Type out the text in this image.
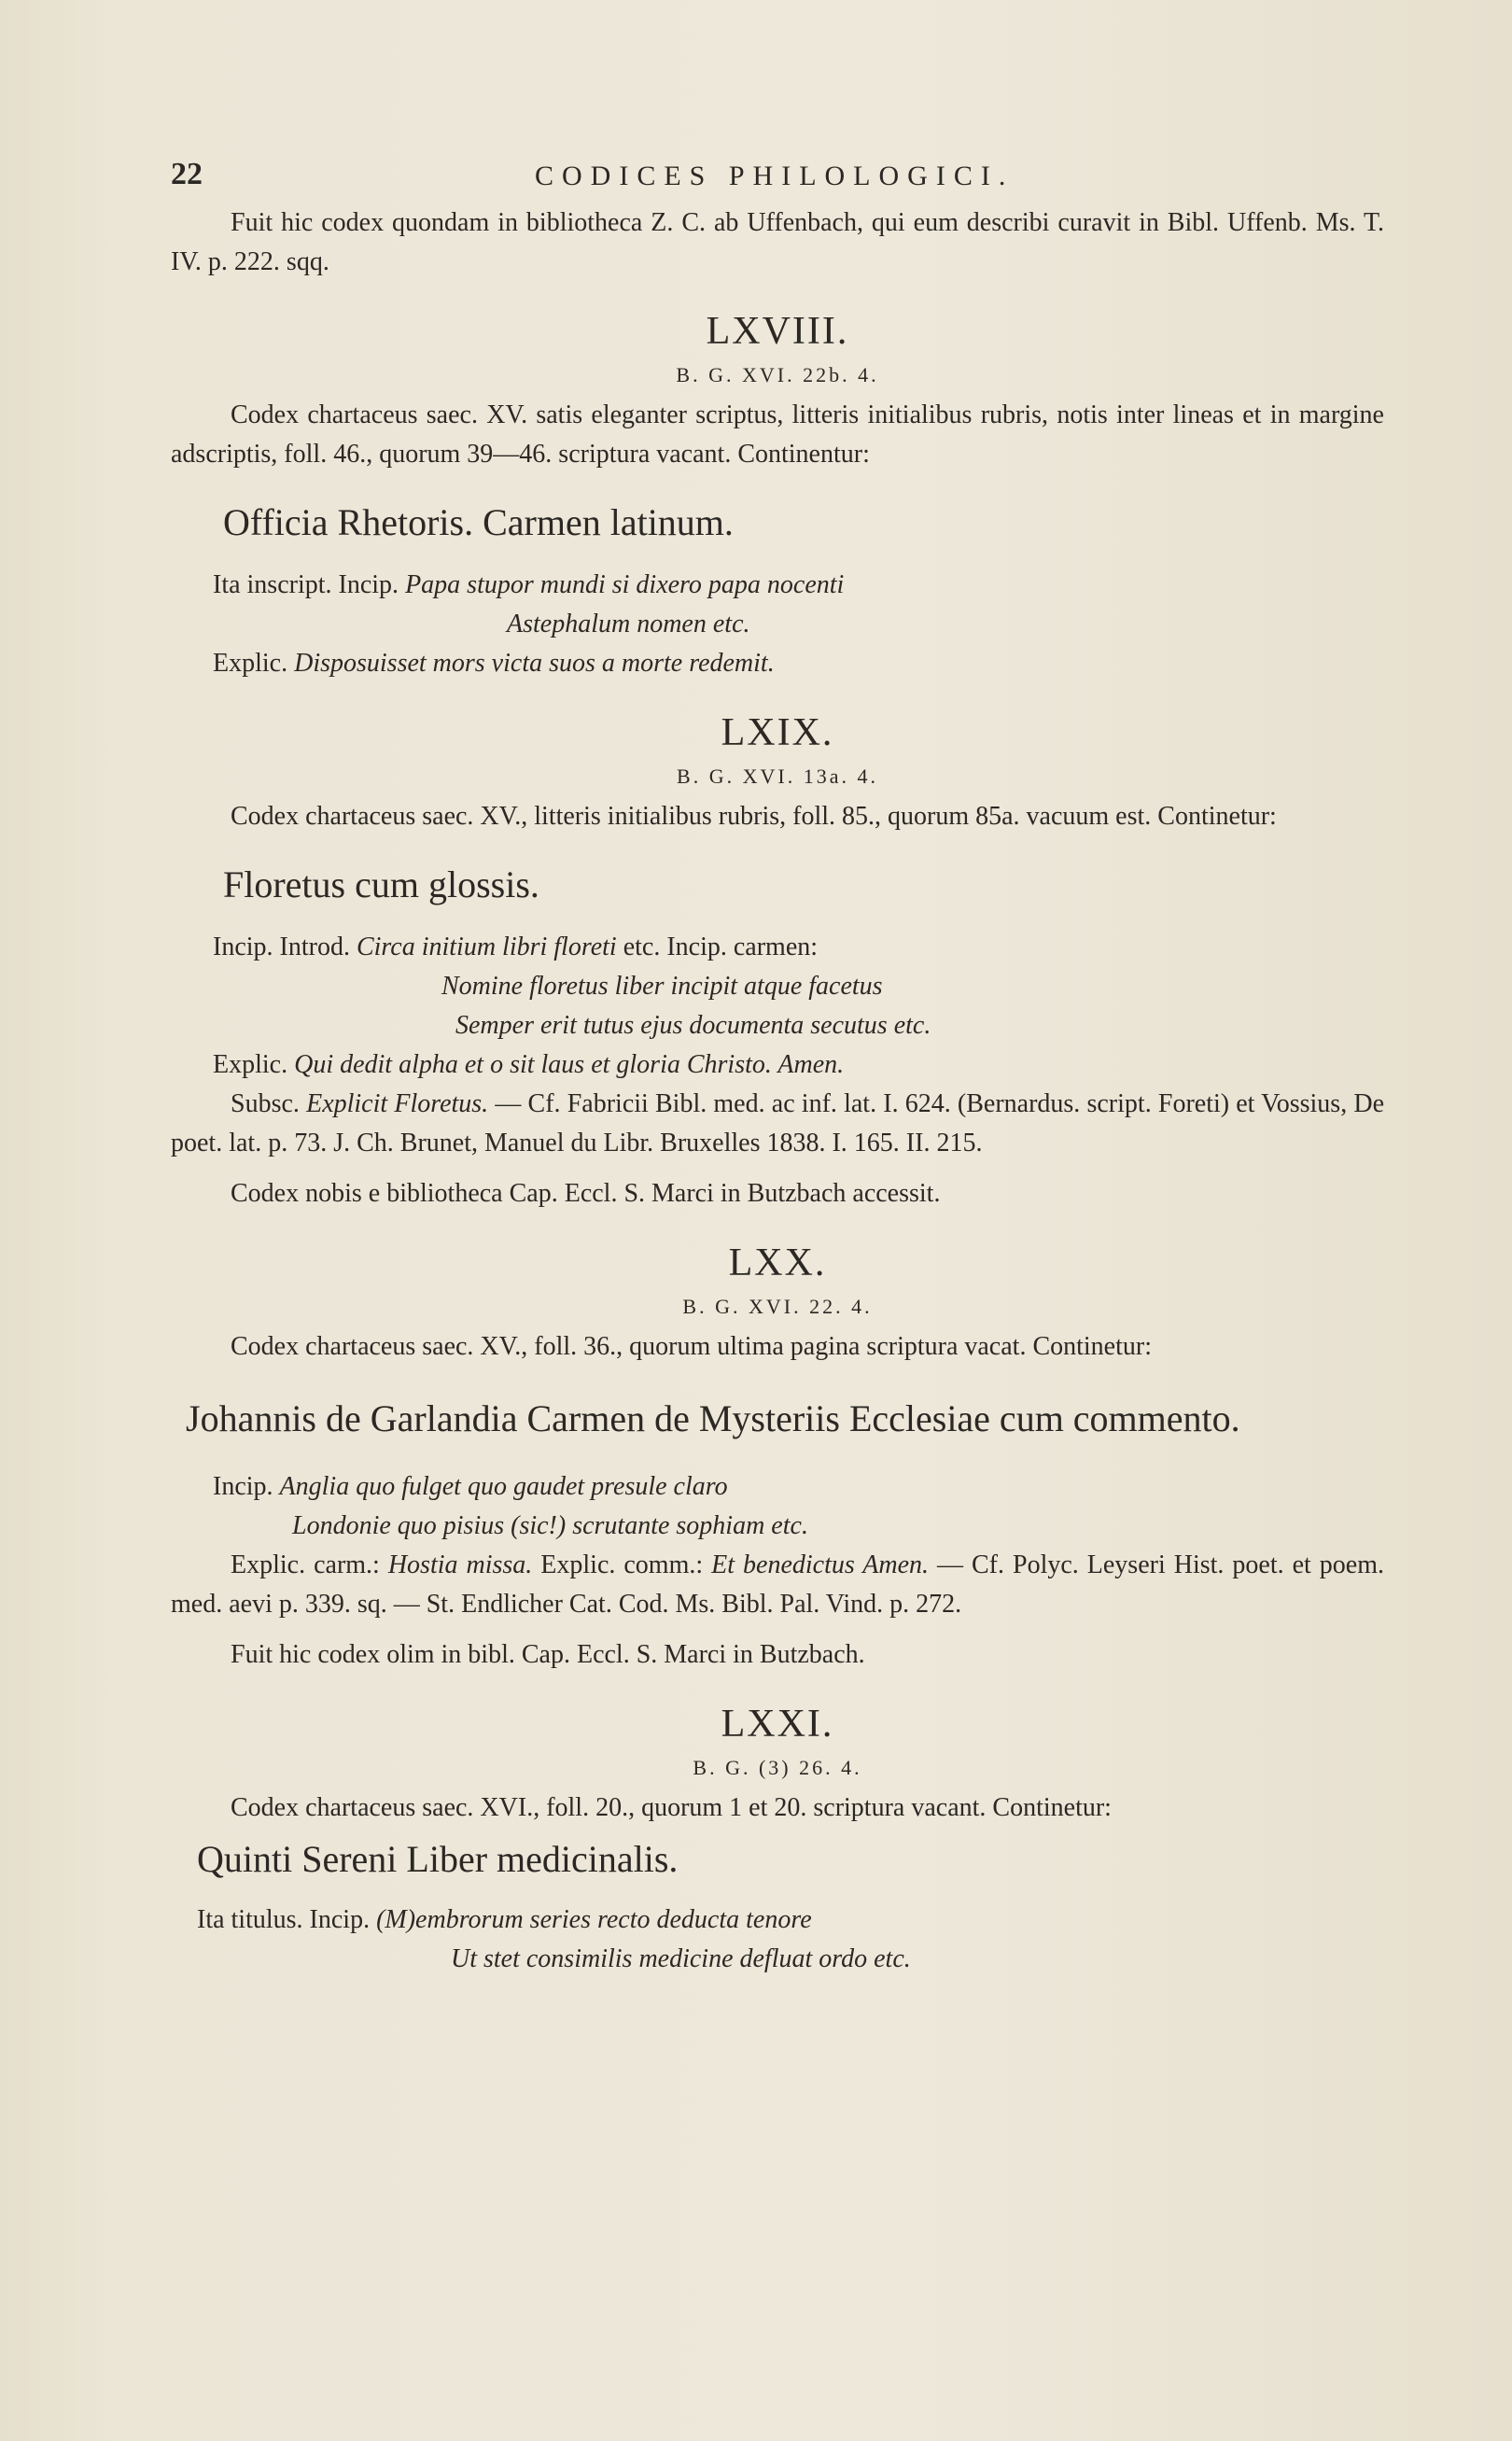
22	CODICES PHILOLOGICI.

Fuit hic codex quondam in bibliotheca Z. C. ab Uffenbach, qui eum describi curavit in Bibl. Uffenb. Ms. T. IV. p. 222. sqq.

LXVIII.

B. G. XVI. 22b. 4.

Codex chartaceus saec. XV. satis eleganter scriptus, litteris initialibus rubris, notis inter lineas et in margine adscriptis, foll. 46., quorum 39—46. scriptura vacant. Continentur:

Officia Rhetoris. Carmen latinum.

Ita inscript. Incip. Papa stupor mundi si dixero papa nocenti

Astephalum nomen etc.

Explic. Disposuisset mors victa suos a morte redemit.

LXIX.

B. G. XVI. 13a. 4.

Codex chartaceus saec. XV., litteris initialibus rubris, foll. 85., quorum 85a. vacuum est. Continetur:

Floretus cum glossis.

Incip. Introd. Circa initium libri floreti etc. Incip. carmen:

Nomine floretus liber incipit atque facetus

Semper erit tutus ejus documenta secutus etc.

Explic. Qui dedit alpha et o sit laus et gloria Christo. Amen.

Subsc. Explicit Floretus. — Cf. Fabricii Bibl. med. ac inf. lat. I. 624. (Bernardus. script. Foreti) et Vossius, De poet. lat. p. 73. J. Ch. Brunet, Manuel du Libr. Bruxelles 1838. I. 165. II. 215.

Codex nobis e bibliotheca Cap. Eccl. S. Marci in Butzbach accessit.

LXX.

B. G. XVI. 22. 4.

Codex chartaceus saec. XV., foll. 36., quorum ultima pagina scriptura vacat. Continetur:

Johannis de Garlandia Carmen de Mysteriis Ecclesiae cum commento.

Incip. Anglia quo fulget quo gaudet presule claro

Londonie quo pisius (sic!) scrutante sophiam etc.

Explic. carm.: Hostia missa. Explic. comm.: Et benedictus Amen. — Cf. Polyc. Leyseri Hist. poet. et poem. med. aevi p. 339. sq. — St. Endlicher Cat. Cod. Ms. Bibl. Pal. Vind. p. 272.

Fuit hic codex olim in bibl. Cap. Eccl. S. Marci in Butzbach.

LXXI.

B. G. (3) 26. 4.

Codex chartaceus saec. XVI., foll. 20., quorum 1 et 20. scriptura vacant. Continetur:

Quinti Sereni Liber medicinalis.

Ita titulus. Incip. (M)embrorum series recto deducta tenore

Ut stet consimilis medicine defluat ordo etc.
